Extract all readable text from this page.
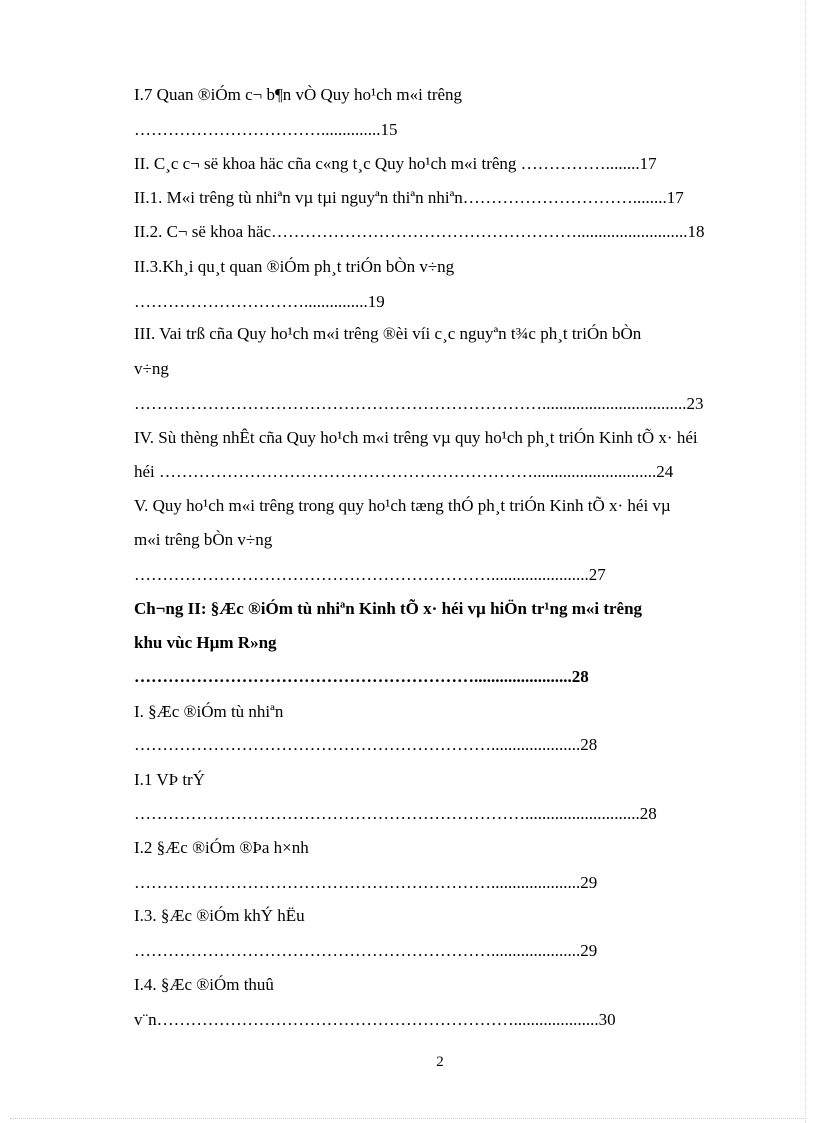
I.7 Quan ®iÓm c¬ b¶n vÒ Quy ho¹ch m«i trêng

……………………………..............15

II. C¸c c¬ së khoa häc cña c«ng t¸c Quy ho¹ch m«i trêng ……………........17

II.1. M«i trêng tù nhiªn vµ tµi nguyªn thiªn nhiªn…………………………........17

II.2. C¬ së khoa häc………………………………………………..........................18

II.3.Kh¸i qu¸t quan ®iÓm ph¸t triÓn bÒn v÷ng

…………………………...............19

III. Vai trß cña Quy ho¹ch m«i trêng ®èi víi c¸c nguyªn t¾c ph¸t triÓn bÒn

v÷ng

………………………………………………………………..................................23

IV. Sù thèng nhÊt cña Quy ho¹ch m«i trêng vµ quy ho¹ch ph¸t triÓn Kinh tÕ x· héi

héi ………………………………………………………….............................24

V. Quy ho¹ch m«i trêng trong quy ho¹ch tæng thÓ ph¸t triÓn Kinh tÕ x· héi vµ

m«i trêng bÒn v÷ng

……………………………………………………….......................27

Ch¬ng II: §Æc ®iÓm tù nhiªn Kinh tÕ x· héi vµ hiÖn tr¹ng m«i trêng

khu vùc Hµm R»ng

…………………………………………………….......................28

I. §Æc ®iÓm tù nhiªn

……………………………………………………….....................28

I.1 VÞ trÝ

……………………………………………………………...........................28

I.2 §Æc ®iÓm ®Þa h×nh

……………………………………………………….....................29

I.3. §Æc ®iÓm khÝ hËu

……………………………………………………….....................29

I.4. §Æc ®iÓm thuû

v¨n………………………………………………………....................30

2
